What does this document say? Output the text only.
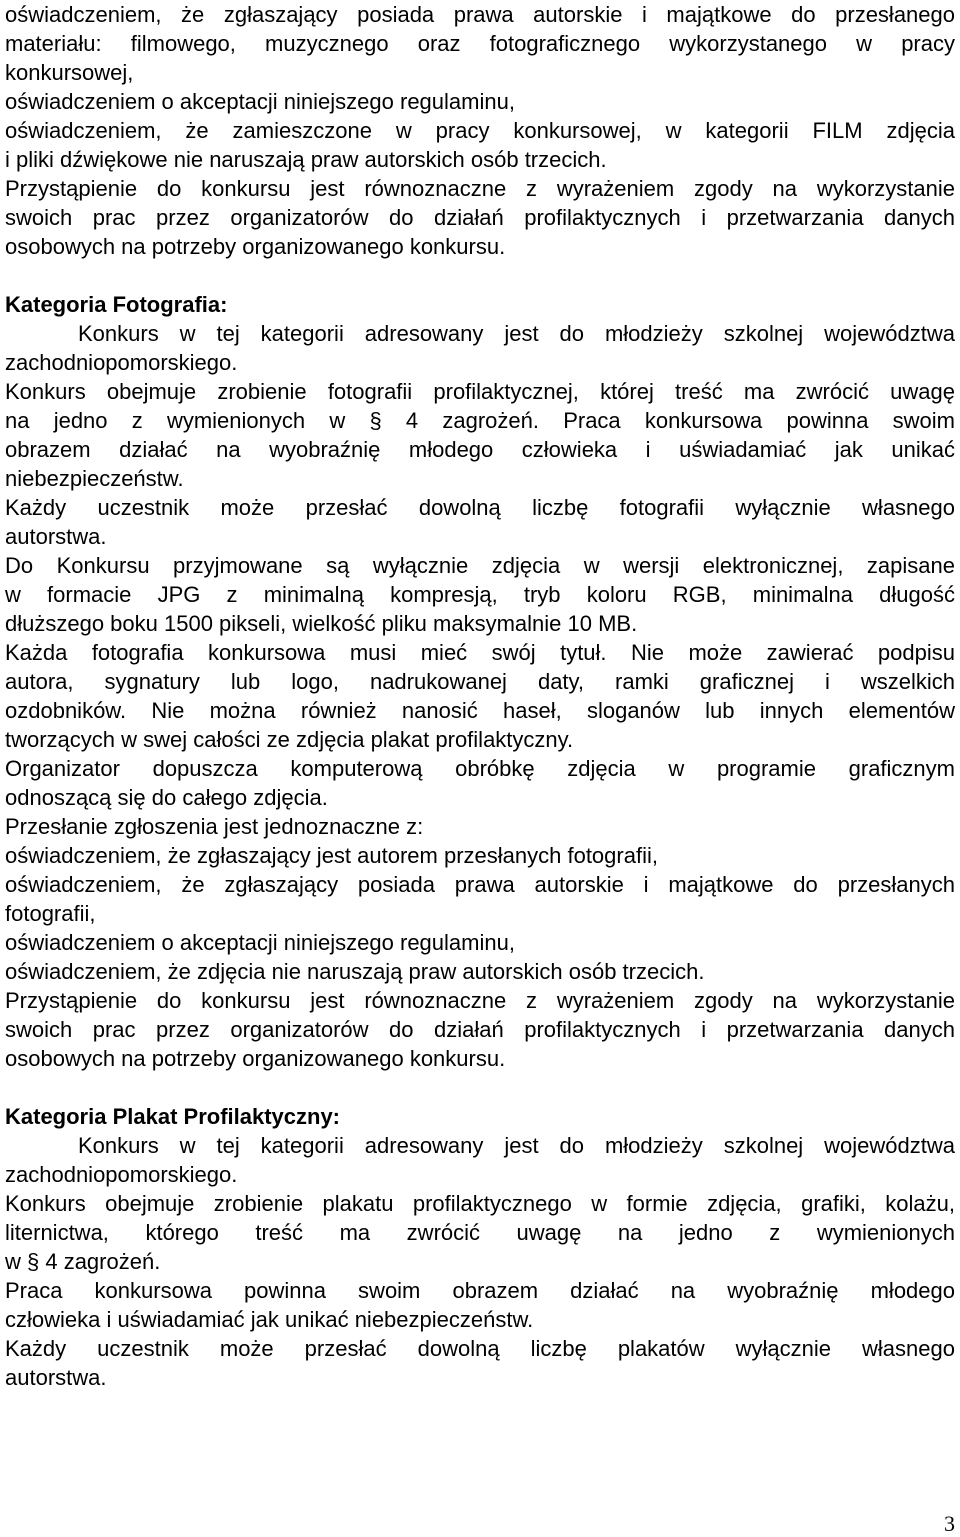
oświadczeniem, że zgłaszający posiada prawa autorskie i majątkowe do przesłanego
materiału: filmowego, muzycznego oraz fotograficznego wykorzystanego w pracy
konkursowej,
oświadczeniem o akceptacji niniejszego regulaminu,
oświadczeniem, że zamieszczone w pracy konkursowej, w kategorii FILM zdjęcia
i pliki dźwiękowe nie naruszają praw autorskich osób trzecich.
Przystąpienie do konkursu jest równoznaczne z wyrażeniem zgody na wykorzystanie
swoich prac przez organizatorów do działań profilaktycznych i przetwarzania danych
osobowych na potrzeby organizowanego konkursu.
Kategoria Fotografia:
Konkurs w tej kategorii adresowany jest do młodzieży szkolnej województwa
zachodniopomorskiego.
Konkurs obejmuje zrobienie fotografii profilaktycznej, której treść ma zwrócić uwagę
na jedno z wymienionych w § 4 zagrożeń. Praca konkursowa powinna swoim
obrazem działać na wyobraźnię młodego człowieka i uświadamiać jak unikać
niebezpieczeństw.
Każdy uczestnik może przesłać dowolną liczbę fotografii wyłącznie własnego
autorstwa.
Do Konkursu przyjmowane są wyłącznie zdjęcia w wersji elektronicznej, zapisane
w formacie JPG z minimalną kompresją, tryb koloru RGB, minimalna długość
dłuższego boku 1500 pikseli, wielkość pliku maksymalnie 10 MB.
Każda fotografia konkursowa musi mieć swój tytuł. Nie może zawierać podpisu
autora, sygnatury lub logo, nadrukowanej daty, ramki graficznej i wszelkich
ozdobników. Nie można również nanosić haseł, sloganów lub innych elementów
tworzących w swej całości ze zdjęcia plakat profilaktyczny.
Organizator dopuszcza komputerową obróbkę zdjęcia w programie graficznym
odnoszącą się do całego zdjęcia.
Przesłanie zgłoszenia jest jednoznaczne z:
oświadczeniem, że zgłaszający jest autorem przesłanych fotografii,
oświadczeniem, że zgłaszający posiada prawa autorskie i majątkowe do przesłanych
fotografii,
oświadczeniem o akceptacji niniejszego regulaminu,
oświadczeniem, że zdjęcia nie naruszają praw autorskich osób trzecich.
Przystąpienie do konkursu jest równoznaczne z wyrażeniem zgody na wykorzystanie
swoich prac przez organizatorów do działań profilaktycznych i przetwarzania danych
osobowych na potrzeby organizowanego konkursu.
Kategoria Plakat Profilaktyczny:
Konkurs w tej kategorii adresowany jest do młodzieży szkolnej województwa
zachodniopomorskiego.
Konkurs obejmuje zrobienie plakatu profilaktycznego w formie zdjęcia, grafiki, kolażu,
liternictwa, którego treść ma zwrócić uwagę na jedno z wymienionych
w § 4 zagrożeń.
Praca konkursowa powinna swoim obrazem działać na wyobraźnię młodego
człowieka i uświadamiać jak unikać niebezpieczeństw.
Każdy uczestnik może przesłać dowolną liczbę plakatów wyłącznie własnego
autorstwa.
3
